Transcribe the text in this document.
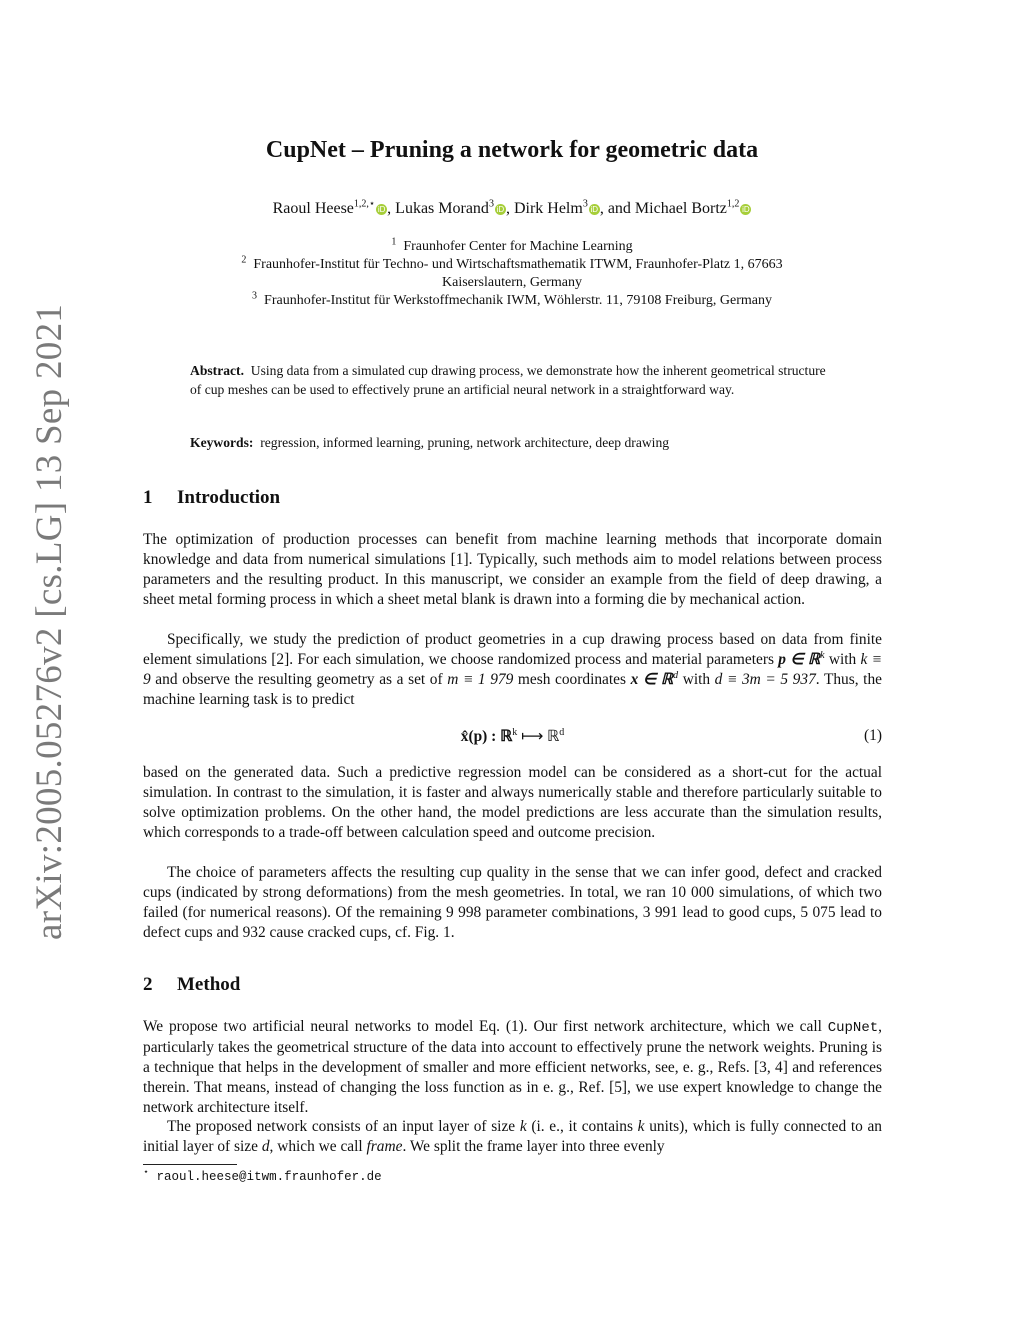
arXiv:2005.05276v2 [cs.LG] 13 Sep 2021
CupNet – Pruning a network for geometric data
Raoul Heese$^{1,2,⋆}$ iD , Lukas Morand$^3$ iD , Dirk Helm$^3$ iD , and Michael Bortz$^{1,2}$ iD
$^1$ Fraunhofer Center for Machine Learning
$^2$ Fraunhofer-Institut für Techno- und Wirtschaftsmathematik ITWM, Fraunhofer-Platz 1, 67663
Kaiserslautern, Germany
$^3$ Fraunhofer-Institut für Werkstoffmechanik IWM, Wöhlerstr. 11, 79108 Freiburg, Germany
Abstract. Using data from a simulated cup drawing process, we demonstrate how the inherent geometrical structure of cup meshes can be used to effectively prune an artificial neural network in a straightforward way.
Keywords: regression, informed learning, pruning, network architecture, deep drawing
1 Introduction
The optimization of production processes can benefit from machine learning methods that incorporate domain knowledge and data from numerical simulations [1]. Typically, such methods aim to model relations between process parameters and the resulting product. In this manuscript, we consider an example from the field of deep drawing, a sheet metal forming process in which a sheet metal blank is drawn into a forming die by mechanical action.
Specifically, we study the prediction of product geometries in a cup drawing process based on data from finite element simulations [2]. For each simulation, we choose randomized process and material parameters p ∈ ℝ$^k$ with k ≡ 9 and observe the resulting geometry as a set of m ≡ 1 979 mesh coordinates x ∈ ℝ$^d$ with d ≡ 3m = 5 937. Thus, the machine learning task is to predict
x̂(p) : ℝ$^k$ ⟼ ℝ$^d$	(1)
based on the generated data. Such a predictive regression model can be considered as a short-cut for the actual simulation. In contrast to the simulation, it is faster and always numerically stable and therefore particularly suitable to solve optimization problems. On the other hand, the model predictions are less accurate than the simulation results, which corresponds to a trade-off between calculation speed and outcome precision.
The choice of parameters affects the resulting cup quality in the sense that we can infer good, defect and cracked cups (indicated by strong deformations) from the mesh geometries. In total, we ran 10 000 simulations, of which two failed (for numerical reasons). Of the remaining 9 998 parameter combinations, 3 991 lead to good cups, 5 075 lead to defect cups and 932 cause cracked cups, cf. Fig. 1.
2 Method
We propose two artificial neural networks to model Eq. (1). Our first network architecture, which we call CupNet, particularly takes the geometrical structure of the data into account to effectively prune the network weights. Pruning is a technique that helps in the development of smaller and more efficient networks, see, e. g., Refs. [3, 4] and references therein. That means, instead of changing the loss function as in e. g., Ref. [5], we use expert knowledge to change the network architecture itself.
The proposed network consists of an input layer of size k (i. e., it contains k units), which is fully connected to an initial layer of size d, which we call frame. We split the frame layer into three evenly
⋆ raoul.heese@itwm.fraunhofer.de
